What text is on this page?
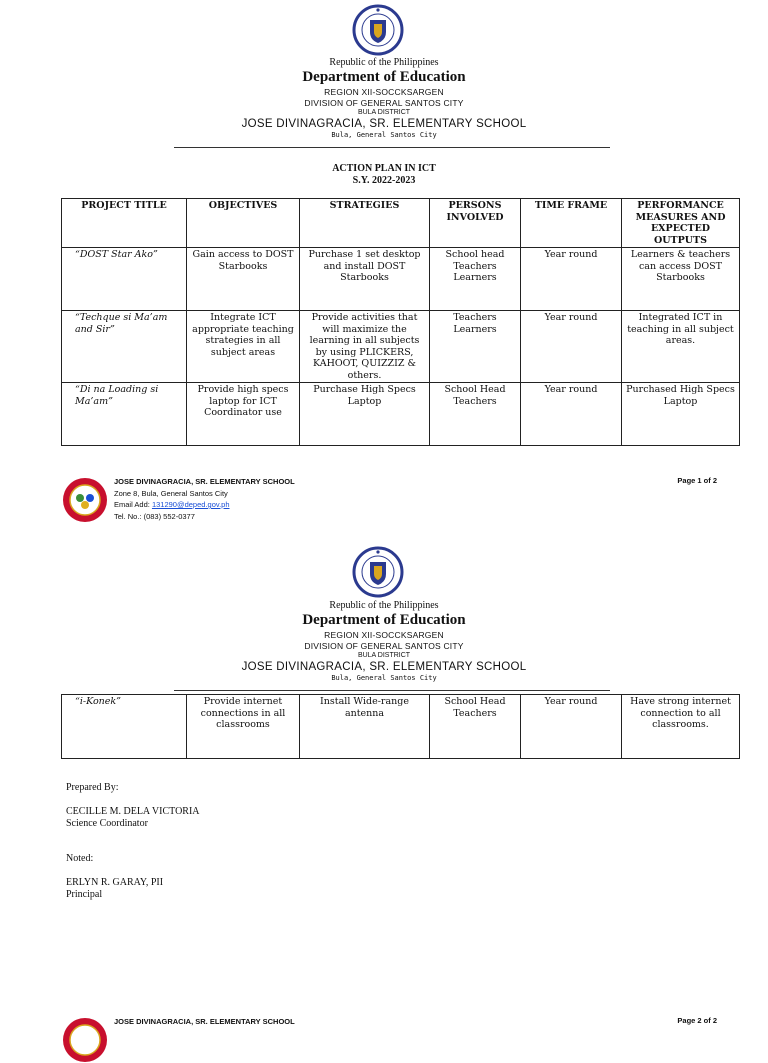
Republic of the Philippines
Department of Education
REGION XII-SOCCKSARGEN
DIVISION OF GENERAL SANTOS CITY
BULA DISTRICT
JOSE DIVINAGRACIA, SR. ELEMENTARY SCHOOL
Bula, General Santos City
ACTION PLAN IN ICT
S.Y. 2022-2023
PROJECT TITLE	OBJECTIVES	STRATEGIES	PERSONS INVOLVED	TIME FRAME	PERFORMANCE MEASURES AND EXPECTED OUTPUTS
“DOST Star Ako”	Gain access to DOST Starbooks	Purchase 1 set desktop and install DOST Starbooks	School head Teachers Learners	Year round	Learners & teachers can access DOST Starbooks
“Techque si Ma’am and Sir”	Integrate ICT appropriate teaching strategies in all subject areas	Provide activities that will maximize the learning in all subjects by using PLICKERS, KAHOOT, QUIZZIZ & others.	Teachers Learners	Year round	Integrated ICT in teaching in all subject areas.
“Di na Loading si Ma’am”	Provide high specs laptop for ICT Coordinator use	Purchase High Specs Laptop	School Head Teachers	Year round	Purchased High Specs Laptop
JOSE DIVINAGRACIA, SR. ELEMENTARY SCHOOL
Zone 8, Bula, General Santos City
Email Add: 131290@deped.gov.ph
Tel. No.: (083) 552-0377
Page 1 of 2
Republic of the Philippines
Department of Education
REGION XII-SOCCKSARGEN
DIVISION OF GENERAL SANTOS CITY
BULA DISTRICT
JOSE DIVINAGRACIA, SR. ELEMENTARY SCHOOL
Bula, General Santos City
“i-Konek”	Provide internet connections in all classrooms	Install Wide-range antenna	School Head Teachers	Year round	Have strong internet connection to all classrooms.
Prepared By:
CECILLE M. DELA VICTORIA
Science Coordinator
Noted:
ERLYN R. GARAY, PII
Principal
JOSE DIVINAGRACIA, SR. ELEMENTARY SCHOOL	Page 2 of 2
